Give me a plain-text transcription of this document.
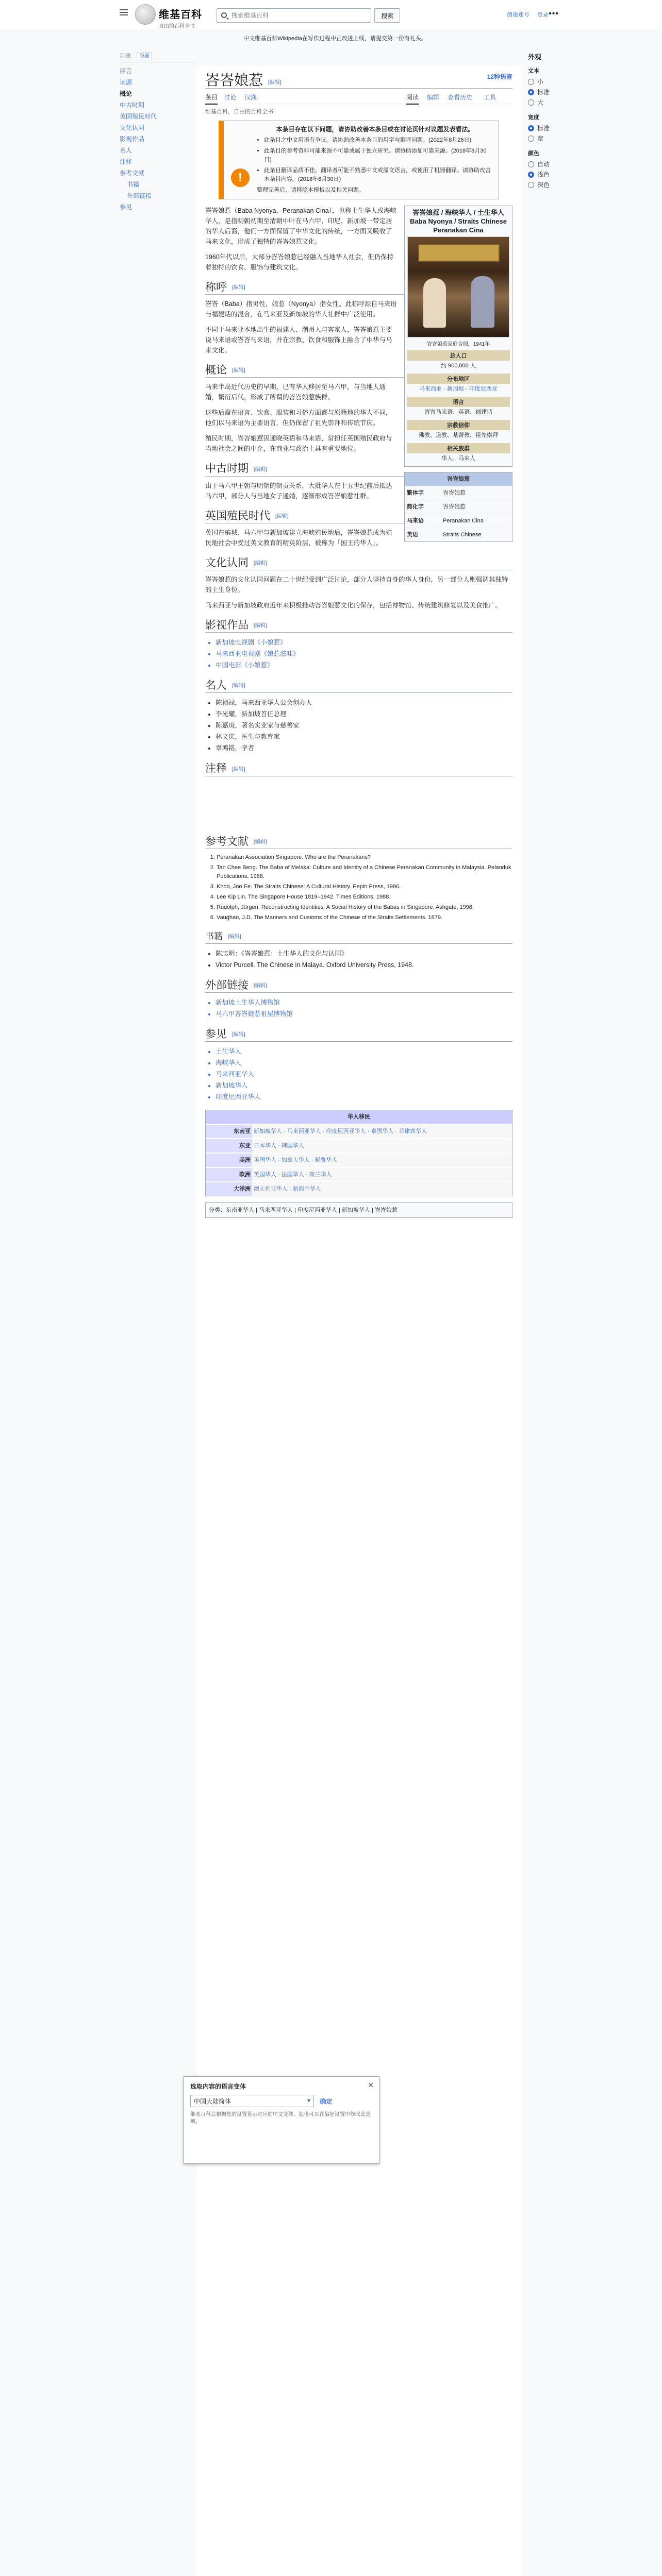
维基百科
自由的百科全书
搜索维基百科
搜索	创建账号 登录 •••
中文维基百科Wikipedia在写作过程中正改进上线，请提交第一份有礼头。
目录 隐藏
序言
词源
概论
中古时期
英国殖民时代
文化认同
影视作品
名人
注释
参考文献
书籍
外部链接
参见
峇峇娘惹 [编辑]
12种语言
条目 讨论 汉漢	阅读 编辑 查看历史 工具
维基百科，自由的百科全书
!
本条目存在以下问题，请协助改善本条目或在讨论页针对议题发表看法。
• 此条目之中文用语有争议。请协助改善本条目的用字与翻译问题。(2022年8月26日)
• 此条目的参考资料可能来源不可靠或属于独立研究。请协助添加可靠来源。(2018年8月30日)
• 此条目翻译品质不佳。翻译者可能不熟悉中文或原文语言，或使用了机器翻译。请协助改善本条目内容。(2018年8月30日)
整理完善后，请移除本模板以及相关问题。
峇峇娘惹 / 海峡华人 / 土生华人
Baba Nyonya / Straits Chinese
Peranakan Cina
峇峇娘惹家庭合照，1941年
总人口
约 900,000 人
分布地区
马来西亚 · 新加坡 · 印度尼西亚
语言
峇峇马来语、英语、福建话
宗教信仰
佛教、道教、基督教、祖先崇拜
相关族群
华人、马来人

峇峇娘惹（Baba Nyonya，Peranakan Cina），也称土生华人或海峡华人，是指明朝初期至清朝中叶在马六甲、印尼、新加坡一带定居的华人后裔，他们一方面保留了中华文化的传统，一方面又吸收了马来文化，形成了独特的峇峇娘惹文化。

1960年代以后，大部分峇峇娘惹已经融入当地华人社会，但仍保持着独特的饮食、服饰与建筑文化。

称呼 [编辑]

峇峇（Baba）指男性，娘惹（Nyonya）指女性。此称呼源自马来语与福建话的混合，在马来亚及新加坡的华人社群中广泛使用。

不同于马来亚本地出生的福建人、潮州人与客家人，峇峇娘惹主要说马来语或峇峇马来语，并在宗教、饮食和服饰上融合了中华与马来文化。

概论 [编辑]
峇峇娘惹
繁体字	峇峇娘惹
简化字	峇峇娘惹
马来语	Peranakan Cina
英语	Straits Chinese

马来半岛近代历史的早期，已有华人移居至马六甲，与当地人通婚，繁衍后代，形成了所谓的峇峇娘惹族群。

这些后裔在语言、饮食、服装和习俗方面都与原籍地的华人不同，他们以马来语为主要语言，但仍保留了祖先崇拜和传统节庆。

殖民时期，峇峇娘惹因通晓英语和马来语，常担任英国殖民政府与当地社会之间的中介，在商业与政治上具有重要地位。

中古时期 [编辑]

由于马六甲王朝与明朝的朝贡关系，大批华人在十五世纪前后抵达马六甲，部分人与当地女子通婚，逐渐形成峇峇娘惹社群。

英国殖民时代 [编辑]

英国在槟城、马六甲与新加坡建立海峡殖民地后，峇峇娘惹成为殖民地社会中受过英文教育的精英阶层，被称为「国王的华人」。

文化认同 [编辑]

峇峇娘惹的文化认同问题在二十世纪受到广泛讨论，部分人坚持自身的华人身份，另一部分人则强调其独特的土生身份。

马来西亚与新加坡政府近年来积极推动峇峇娘惹文化的保存，包括博物馆、传统建筑修复以及美食推广。

影视作品 [编辑]
• 新加坡电视剧《小娘惹》
• 马来西亚电视剧《娘惹滋味》
• 中国电影《小娘惹》
名人 [编辑]
• 陈祯禄，马来西亚华人公会创办人
• 李光耀，新加坡首任总理
• 陈嘉庚，著名实业家与慈善家
• 林文庆，医生与教育家
• 辜鸿铭，学者
注释 [编辑]
参考文献 [编辑]
1. Peranakan Association Singapore. Who are the Peranakans?
2. Tan Chee Beng. The Baba of Melaka: Culture and Identity of a Chinese Peranakan Community in Malaysia. Pelanduk Publications, 1988.
3. Khoo, Joo Ee. The Straits Chinese: A Cultural History. Pepin Press, 1996.
4. Lee Kip Lin. The Singapore House 1819–1942. Times Editions, 1988.
5. Rudolph, Jürgen. Reconstructing Identities: A Social History of the Babas in Singapore. Ashgate, 1998.
6. Vaughan, J.D. The Manners and Customs of the Chinese of the Straits Settlements. 1879.
书籍 [编辑]
• 陈志明：《峇峇娘惹：土生华人的文化与认同》
• Victor Purcell. The Chinese in Malaya. Oxford University Press, 1948.
外部链接 [编辑]
• 新加坡土生华人博物馆
• 马六甲峇峇娘惹祖屋博物馆
参见 [编辑]
• 土生华人
• 海峡华人
• 马来西亚华人
• 新加坡华人
• 印度尼西亚华人
华人移民
东南亚 新加坡华人 · 马来西亚华人 · 印度尼西亚华人 · 泰国华人 · 菲律宾华人
东亚 日本华人 · 韩国华人
美洲 美国华人 · 加拿大华人 · 秘鲁华人
欧洲 英国华人 · 法国华人 · 荷兰华人
大洋洲 澳大利亚华人 · 新西兰华人
分类：东南亚华人 | 马来西亚华人 | 印度尼西亚华人 | 新加坡华人 | 峇峇娘惹
外观
文本
小
标准
大
宽度
标准
宽
颜色
自动
浅色
深色
✕
选取内容的语言变体
中国大陆简体 ▾	确定
维基百科会根据您的设置显示对应的中文变体。您也可以在偏好设置中修改此选项。
